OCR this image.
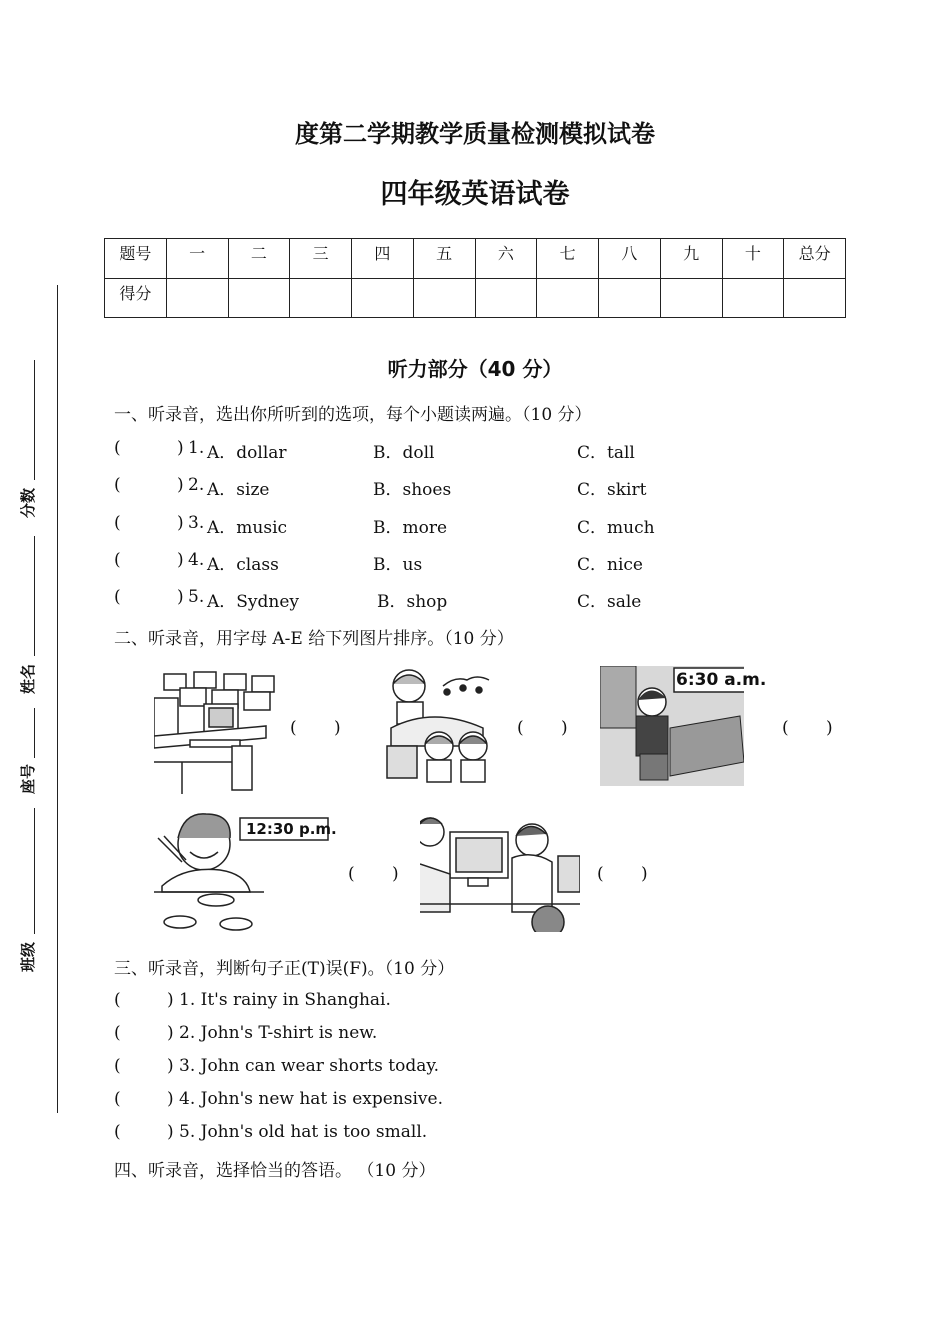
度第二学期教学质量检测模拟试卷
四年级英语试卷
题号	一	二	三	四	五	六	七	八	九	十	总分
得分											
分数
姓名
座号
班级
听力部分（40 分）
一、听录音，选出你所听到的选项，每个小题读两遍。（10 分）
(	) 1. A．dollar	B．doll	C．tall
(	) 2. A．size	B．shoes	C．skirt
(	) 3. A．music	B．more	C．much
(	) 4. A．class	B．us	C．nice
(	) 5. A．Sydney	B．shop	C．sale
二、听录音，用字母 A-E 给下列图片排序。（10 分）
( )	( )
6:30 a.m.
( )
12:30 p.m.
( )	( )
三、听录音，判断句子正(T)误(F)。（10 分）
(	) 1. It's rainy in Shanghai.
(	) 2. John's T-shirt is new.
(	) 3. John can wear shorts today.
(	) 4. John's new hat is expensive.
(	) 5. John's old hat is too small.
四、听录音，选择恰当的答语。 （10 分）
